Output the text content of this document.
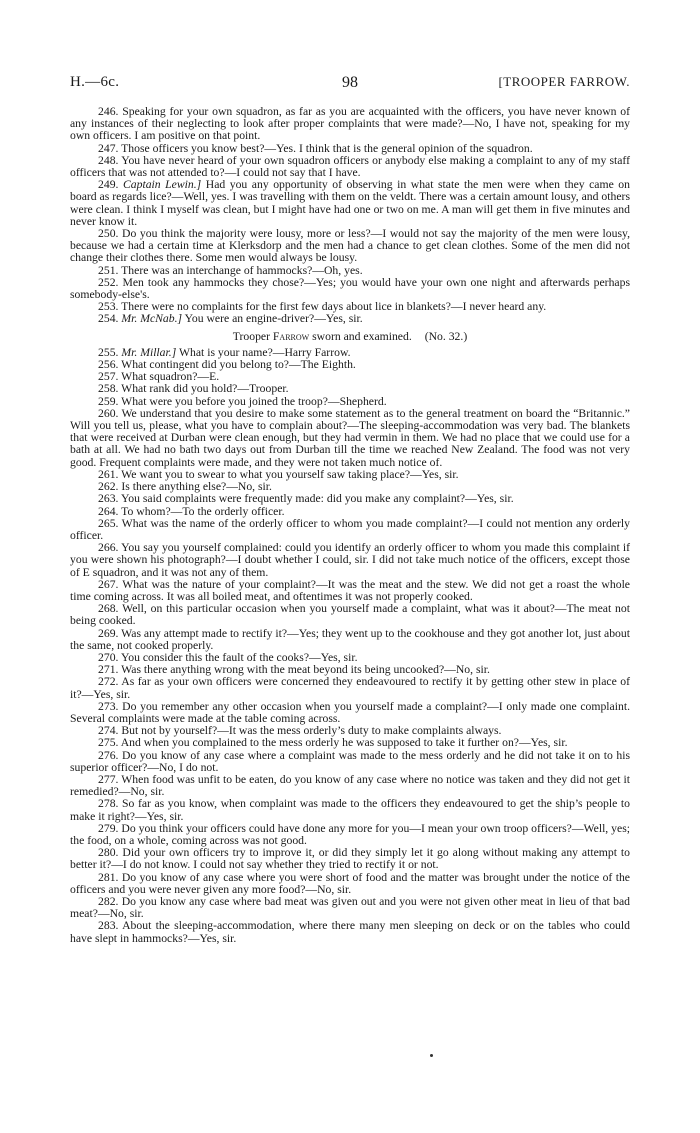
H.—6c.	98	[TROOPER FARROW.

246. Speaking for your own squadron, as far as you are acquainted with the officers, you have never known of any instances of their neglecting to look after proper complaints that were made?—No, I have not, speaking for my own officers. I am positive on that point.

247. Those officers you know best?—Yes. I think that is the general opinion of the squadron.

248. You have never heard of your own squadron officers or anybody else making a complaint to any of my staff officers that was not attended to?—I could not say that I have.

249. Captain Lewin.] Had you any opportunity of observing in what state the men were when they came on board as regards lice?—Well, yes. I was travelling with them on the veldt. There was a certain amount lousy, and others were clean. I think I myself was clean, but I might have had one or two on me. A man will get them in five minutes and never know it.

250. Do you think the majority were lousy, more or less?—I would not say the majority of the men were lousy, because we had a certain time at Klerksdorp and the men had a chance to get clean clothes. Some of the men did not change their clothes there. Some men would always be lousy.

251. There was an interchange of hammocks?—Oh, yes.

252. Men took any hammocks they chose?—Yes; you would have your own one night and afterwards perhaps somebody-else's.

253. There were no complaints for the first few days about lice in blankets?—I never heard any.

254. Mr. McNab.] You were an engine-driver?—Yes, sir.

Trooper Farrow sworn and examined. (No. 32.)

255. Mr. Millar.] What is your name?—Harry Farrow.

256. What contingent did you belong to?—The Eighth.

257. What squadron?—E.

258. What rank did you hold?—Trooper.

259. What were you before you joined the troop?—Shepherd.

260. We understand that you desire to make some statement as to the general treatment on board the “Britannic.” Will you tell us, please, what you have to complain about?—The sleeping-accommodation was very bad. The blankets that were received at Durban were clean enough, but they had vermin in them. We had no place that we could use for a bath at all. We had no bath two days out from Durban till the time we reached New Zealand. The food was not very good. Frequent complaints were made, and they were not taken much notice of.

261. We want you to swear to what you yourself saw taking place?—Yes, sir.

262. Is there anything else?—No, sir.

263. You said complaints were frequently made: did you make any complaint?—Yes, sir.

264. To whom?—To the orderly officer.

265. What was the name of the orderly officer to whom you made complaint?—I could not mention any orderly officer.

266. You say you yourself complained: could you identify an orderly officer to whom you made this complaint if you were shown his photograph?—I doubt whether I could, sir. I did not take much notice of the officers, except those of E squadron, and it was not any of them.

267. What was the nature of your complaint?—It was the meat and the stew. We did not get a roast the whole time coming across. It was all boiled meat, and oftentimes it was not properly cooked.

268. Well, on this particular occasion when you yourself made a complaint, what was it about?—The meat not being cooked.

269. Was any attempt made to rectify it?—Yes; they went up to the cookhouse and they got another lot, just about the same, not cooked properly.

270. You consider this the fault of the cooks?—Yes, sir.

271. Was there anything wrong with the meat beyond its being uncooked?—No, sir.

272. As far as your own officers were concerned they endeavoured to rectify it by getting other stew in place of it?—Yes, sir.

273. Do you remember any other occasion when you yourself made a complaint?—I only made one complaint. Several complaints were made at the table coming across.

274. But not by yourself?—It was the mess orderly’s duty to make complaints always.

275. And when you complained to the mess orderly he was supposed to take it further on?—Yes, sir.

276. Do you know of any case where a complaint was made to the mess orderly and he did not take it on to his superior officer?—No, I do not.

277. When food was unfit to be eaten, do you know of any case where no notice was taken and they did not get it remedied?—No, sir.

278. So far as you know, when complaint was made to the officers they endeavoured to get the ship’s people to make it right?—Yes, sir.

279. Do you think your officers could have done any more for you—I mean your own troop officers?—Well, yes; the food, on a whole, coming across was not good.

280. Did your own officers try to improve it, or did they simply let it go along without making any attempt to better it?—I do not know. I could not say whether they tried to rectify it or not.

281. Do you know of any case where you were short of food and the matter was brought under the notice of the officers and you were never given any more food?—No, sir.

282. Do you know any case where bad meat was given out and you were not given other meat in lieu of that bad meat?—No, sir.

283. About the sleeping-accommodation, where there many men sleeping on deck or on the tables who could have slept in hammocks?—Yes, sir.
